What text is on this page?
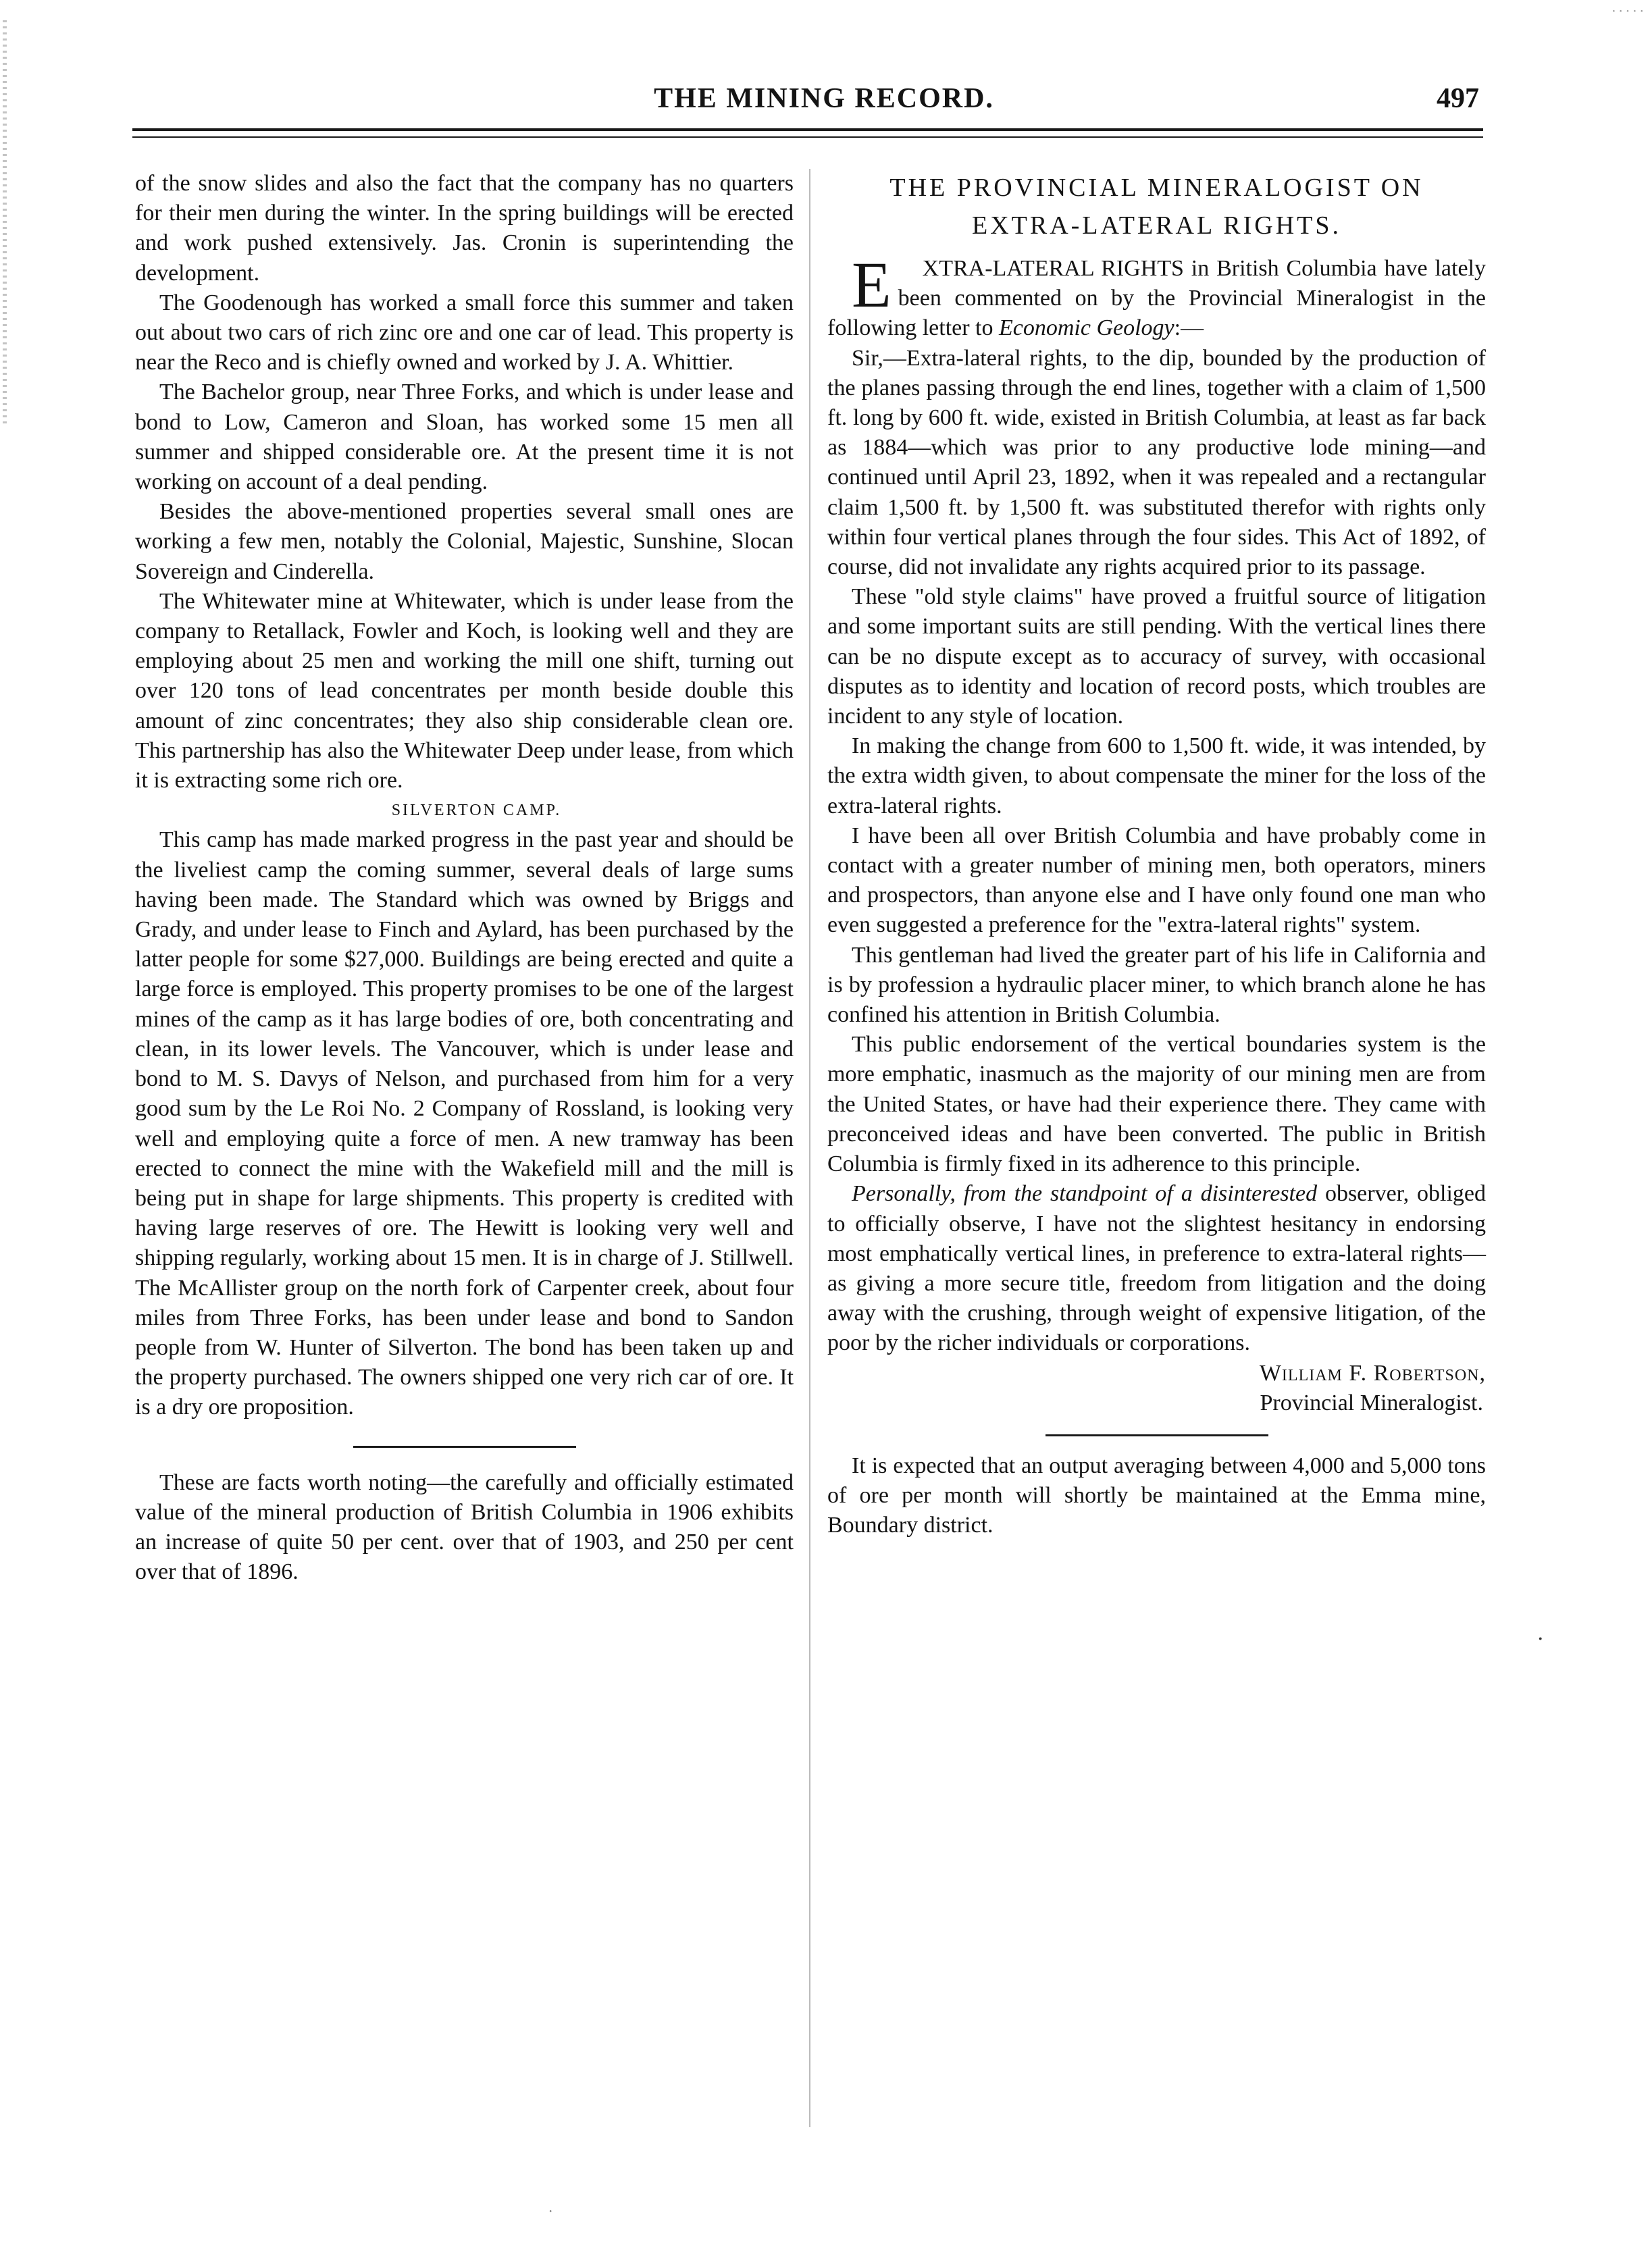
·····
THE MINING RECORD.	497

of the snow slides and also the fact that the company has no quarters for their men during the winter. In the spring buildings will be erected and work pushed extensively. Jas. Cronin is superintending the development.

The Goodenough has worked a small force this summer and taken out about two cars of rich zinc ore and one car of lead. This property is near the Reco and is chiefly owned and worked by J. A. Whittier.

The Bachelor group, near Three Forks, and which is under lease and bond to Low, Cameron and Sloan, has worked some 15 men all summer and shipped considerable ore. At the present time it is not working on account of a deal pending.

Besides the above-mentioned properties several small ones are working a few men, notably the Colonial, Majestic, Sunshine, Slocan Sovereign and Cinderella.

The Whitewater mine at Whitewater, which is under lease from the company to Retallack, Fowler and Koch, is looking well and they are employing about 25 men and working the mill one shift, turning out over 120 tons of lead concentrates per month beside double this amount of zinc concentrates; they also ship considerable clean ore. This partnership has also the Whitewater Deep under lease, from which it is extracting some rich ore.

SILVERTON CAMP.

This camp has made marked progress in the past year and should be the liveliest camp the coming summer, several deals of large sums having been made. The Standard which was owned by Briggs and Grady, and under lease to Finch and Aylard, has been purchased by the latter people for some $27,000. Buildings are being erected and quite a large force is employed. This property promises to be one of the largest mines of the camp as it has large bodies of ore, both concentrating and clean, in its lower levels. The Vancouver, which is under lease and bond to M. S. Davys of Nelson, and purchased from him for a very good sum by the Le Roi No. 2 Company of Rossland, is looking very well and employing quite a force of men. A new tramway has been erected to connect the mine with the Wakefield mill and the mill is being put in shape for large shipments. This property is credited with having large reserves of ore. The Hewitt is looking very well and shipping regularly, working about 15 men. It is in charge of J. Stillwell. The McAllister group on the north fork of Carpenter creek, about four miles from Three Forks, has been under lease and bond to Sandon people from W. Hunter of Silverton. The bond has been taken up and the property purchased. The owners shipped one very rich car of ore. It is a dry ore proposition.

These are facts worth noting—the carefully and officially estimated value of the mineral production of British Columbia in 1906 exhibits an increase of quite 50 per cent. over that of 1903, and 250 per cent over that of 1896.

THE PROVINCIAL MINERALOGIST ON
EXTRA-LATERAL RIGHTS.

E XTRA-LATERAL RIGHTS in British Columbia have lately been commented on by the Provincial Mineralogist in the following letter to Economic Geology:—

Sir,—Extra-lateral rights, to the dip, bounded by the production of the planes passing through the end lines, together with a claim of 1,500 ft. long by 600 ft. wide, existed in British Columbia, at least as far back as 1884—which was prior to any productive lode mining—and continued until April 23, 1892, when it was repealed and a rectangular claim 1,500 ft. by 1,500 ft. was substituted therefor with rights only within four vertical planes through the four sides. This Act of 1892, of course, did not invalidate any rights acquired prior to its passage.

These "old style claims" have proved a fruitful source of litigation and some important suits are still pending. With the vertical lines there can be no dispute except as to accuracy of survey, with occasional disputes as to identity and location of record posts, which troubles are incident to any style of location.

In making the change from 600 to 1,500 ft. wide, it was intended, by the extra width given, to about compensate the miner for the loss of the extra-lateral rights.

I have been all over British Columbia and have probably come in contact with a greater number of mining men, both operators, miners and prospectors, than anyone else and I have only found one man who even suggested a preference for the "extra-lateral rights" system.

This gentleman had lived the greater part of his life in California and is by profession a hydraulic placer miner, to which branch alone he has confined his attention in British Columbia.

This public endorsement of the vertical boundaries system is the more emphatic, inasmuch as the majority of our mining men are from the United States, or have had their experience there. They came with preconceived ideas and have been converted. The public in British Columbia is firmly fixed in its adherence to this principle.

Personally, from the standpoint of a disinterested observer, obliged to officially observe, I have not the slightest hesitancy in endorsing most emphatically vertical lines, in preference to extra-lateral rights—as giving a more secure title, freedom from litigation and the doing away with the crushing, through weight of expensive litigation, of the poor by the richer individuals or corporations.

William F. Robertson,

Provincial Mineralogist.

It is expected that an output averaging between 4,000 and 5,000 tons of ore per month will shortly be maintained at the Emma mine, Boundary district.

·
·
